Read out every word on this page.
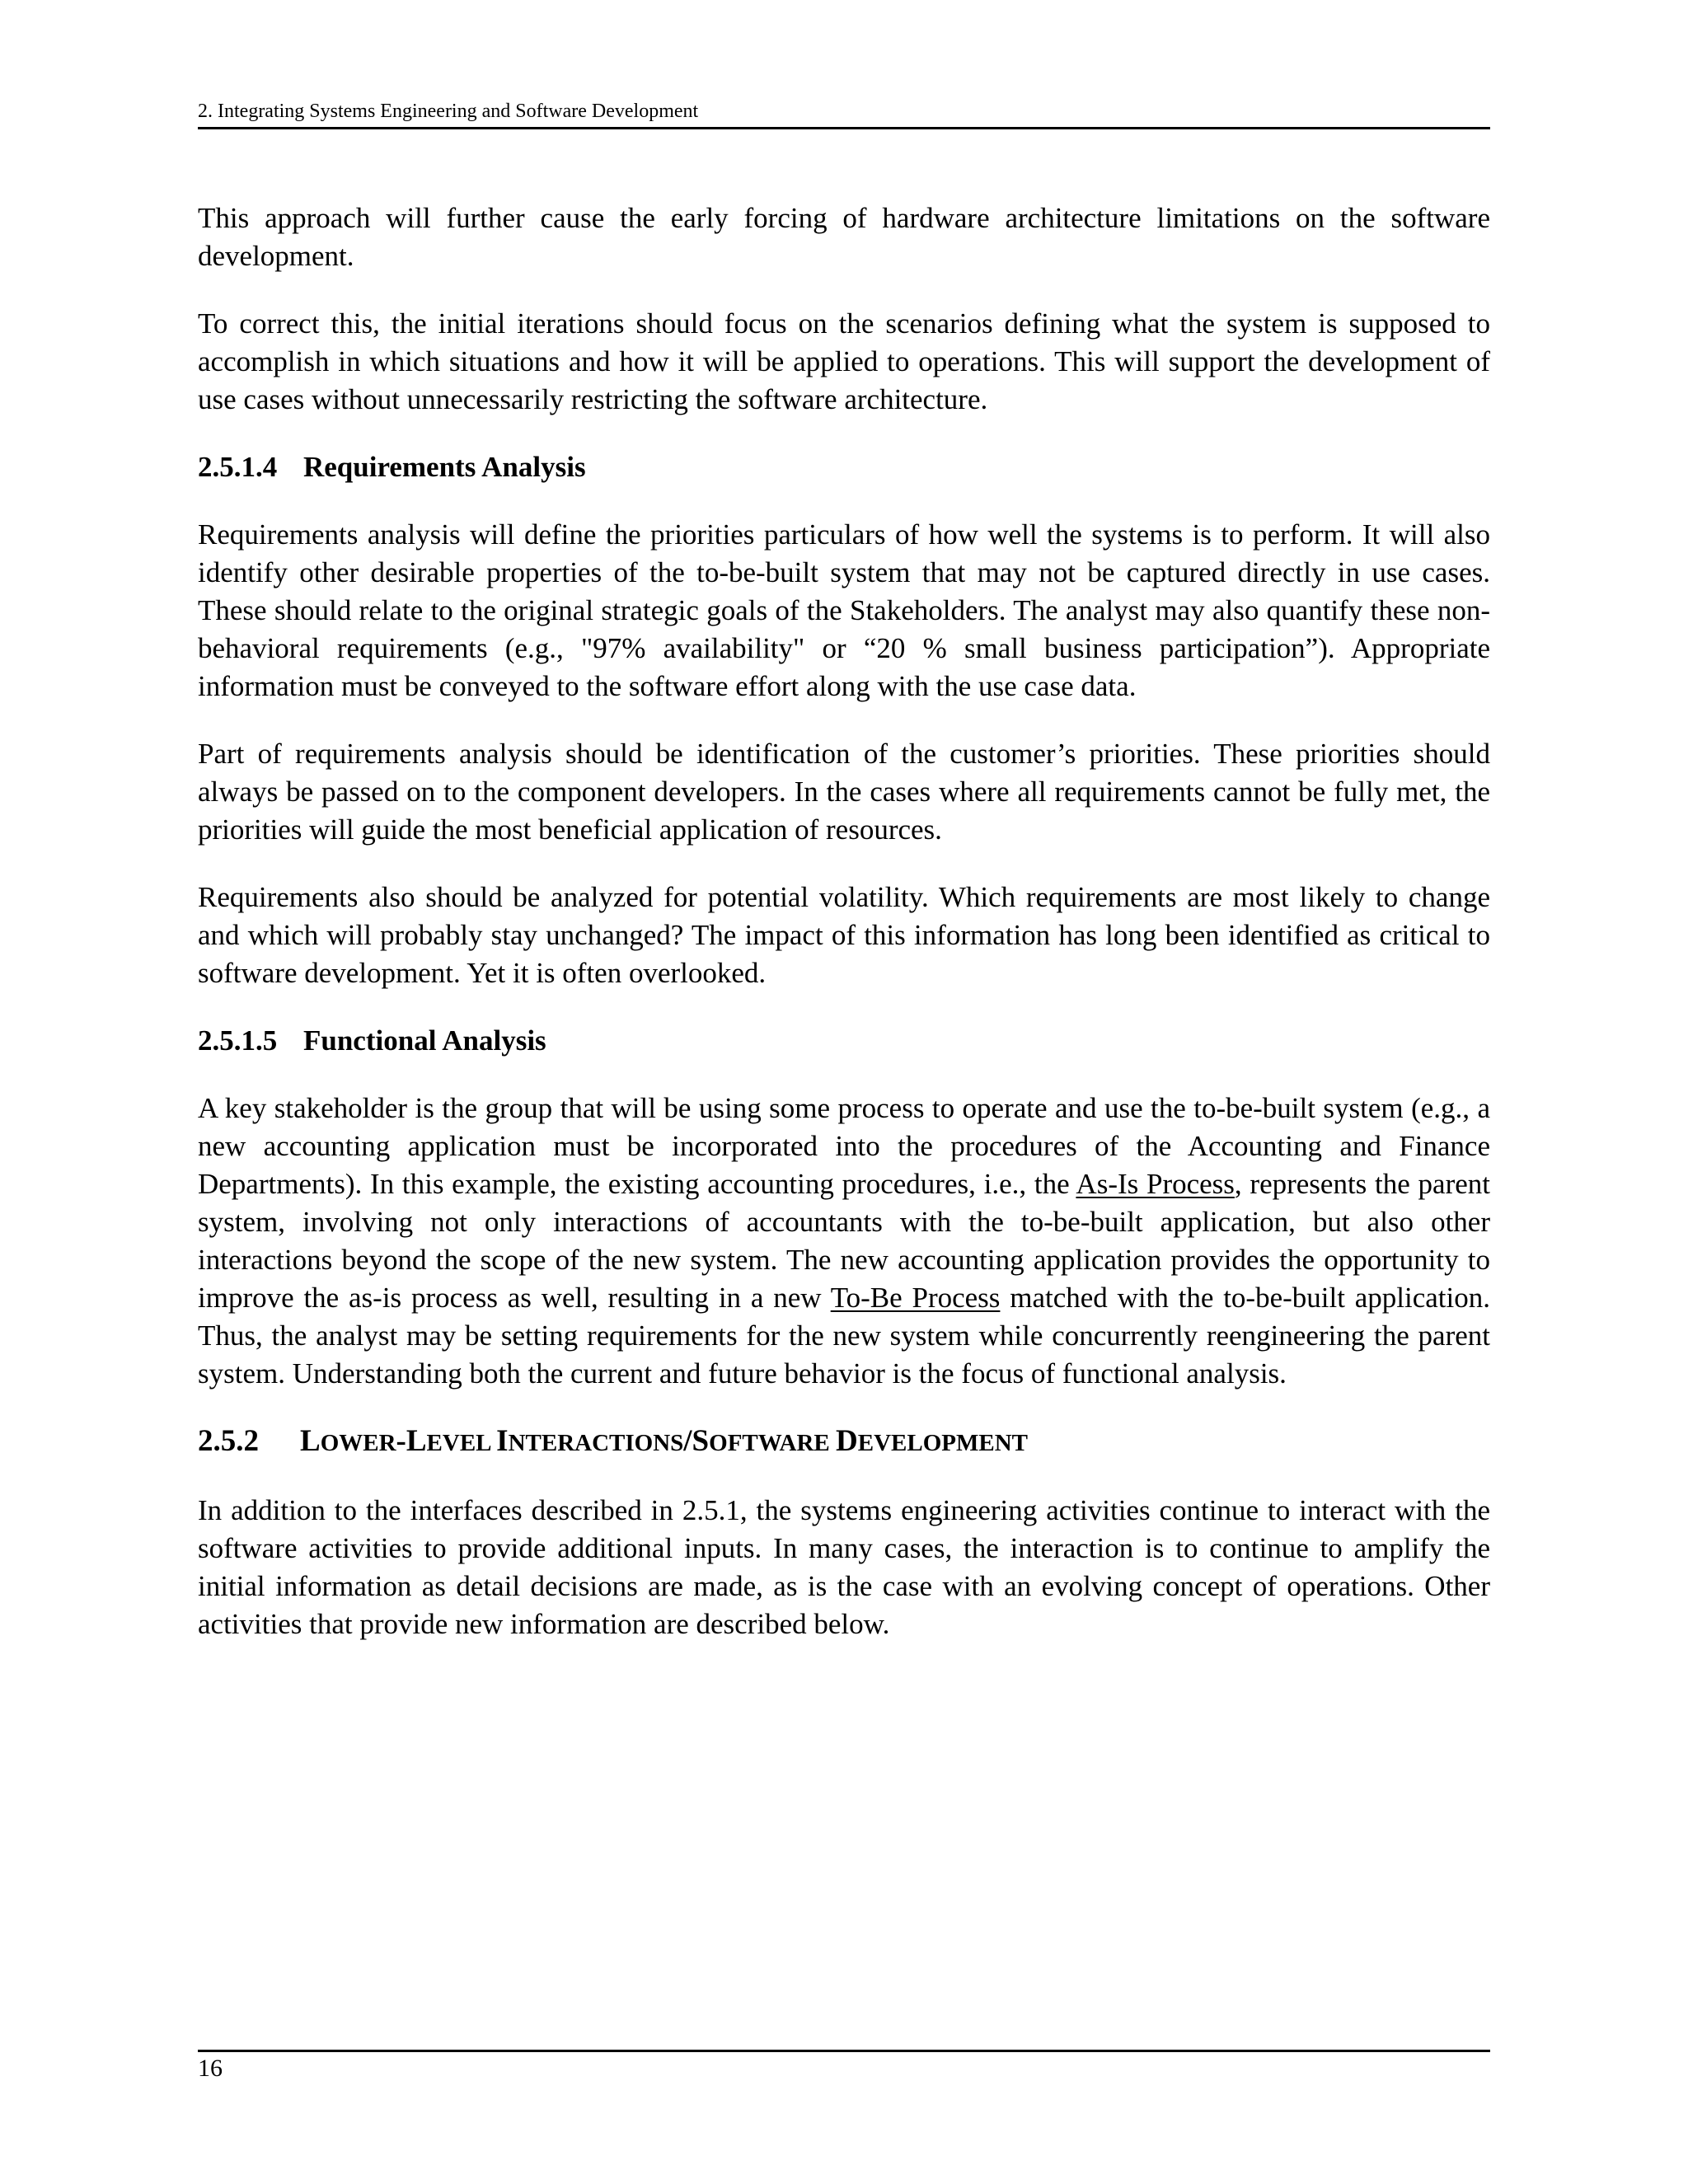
2. Integrating Systems Engineering and Software Development

This approach will further cause the early forcing of hardware architecture limitations on the software development.

To correct this, the initial iterations should focus on the scenarios defining what the system is supposed to accomplish in which situations and how it will be applied to operations. This will support the development of use cases without unnecessarily restricting the software architecture.

2.5.1.4 Requirements Analysis

Requirements analysis will define the priorities particulars of how well the systems is to perform. It will also identify other desirable properties of the to-be-built system that may not be captured directly in use cases. These should relate to the original strategic goals of the Stakeholders. The analyst may also quantify these non-behavioral requirements (e.g., "97% availability" or “20 % small business participation”). Appropriate information must be conveyed to the software effort along with the use case data.

Part of requirements analysis should be identification of the customer’s priorities. These priorities should always be passed on to the component developers. In the cases where all requirements cannot be fully met, the priorities will guide the most beneficial application of resources.

Requirements also should be analyzed for potential volatility. Which requirements are most likely to change and which will probably stay unchanged? The impact of this information has long been identified as critical to software development. Yet it is often overlooked.

2.5.1.5 Functional Analysis

A key stakeholder is the group that will be using some process to operate and use the to-be-built system (e.g., a new accounting application must be incorporated into the procedures of the Accounting and Finance Departments). In this example, the existing accounting procedures, i.e., the As-Is Process, represents the parent system, involving not only interactions of accountants with the to-be-built application, but also other interactions beyond the scope of the new system. The new accounting application provides the opportunity to improve the as-is process as well, resulting in a new To-Be Process matched with the to-be-built application. Thus, the analyst may be setting requirements for the new system while concurrently reengineering the parent system. Understanding both the current and future behavior is the focus of functional analysis.

2.5.2 LOWER-LEVEL INTERACTIONS/SOFTWARE DEVELOPMENT

In addition to the interfaces described in 2.5.1, the systems engineering activities continue to interact with the software activities to provide additional inputs. In many cases, the interaction is to continue to amplify the initial information as detail decisions are made, as is the case with an evolving concept of operations. Other activities that provide new information are described below.

16
